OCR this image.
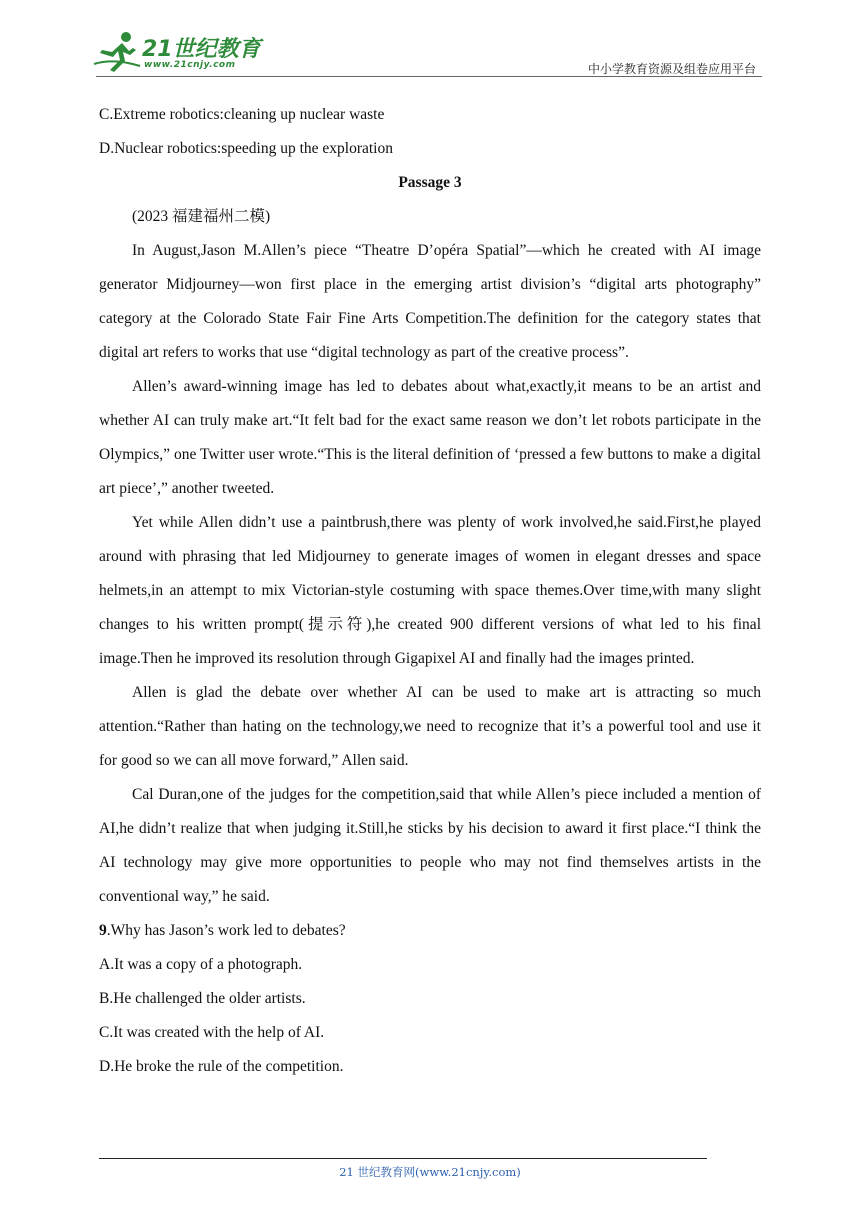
21世纪教育
www.21cnjy.com	中小学教育资源及组卷应用平台

C.Extreme robotics:cleaning up nuclear waste

D.Nuclear robotics:speeding up the exploration

Passage 3

(2023 福建福州二模)

In August,Jason M.Allen’s piece “Theatre D’opéra Spatial”—which he created with AI image generator Midjourney—won first place in the emerging artist division’s “digital arts photography” category at the Colorado State Fair Fine Arts Competition.The definition for the category states that digital art refers to works that use “digital technology as part of the creative process”.

Allen’s award-winning image has led to debates about what,exactly,it means to be an artist and whether AI can truly make art.“It felt bad for the exact same reason we don’t let robots participate in the Olympics,” one Twitter user wrote.“This is the literal definition of ‘pressed a few buttons to make a digital art piece’,” another tweeted.

Yet while Allen didn’t use a paintbrush,there was plenty of work involved,he said.First,he played around with phrasing that led Midjourney to generate images of women in elegant dresses and space helmets,in an attempt to mix Victorian-style costuming with space themes.Over time,with many slight changes to his written prompt(提示符),he created 900 different versions of what led to his final image.Then he improved its resolution through Gigapixel AI and finally had the images printed.

Allen is glad the debate over whether AI can be used to make art is attracting so much attention.“Rather than hating on the technology,we need to recognize that it’s a powerful tool and use it for good so we can all move forward,” Allen said.

Cal Duran,one of the judges for the competition,said that while Allen’s piece included a mention of AI,he didn’t realize that when judging it.Still,he sticks by his decision to award it first place.“I think the AI technology may give more opportunities to people who may not find themselves artists in the conventional way,” he said.

9.Why has Jason’s work led to debates?

A.It was a copy of a photograph.

B.He challenged the older artists.

C.It was created with the help of AI.

D.He broke the rule of the competition.

21 世纪教育网(www.21cnjy.com)
